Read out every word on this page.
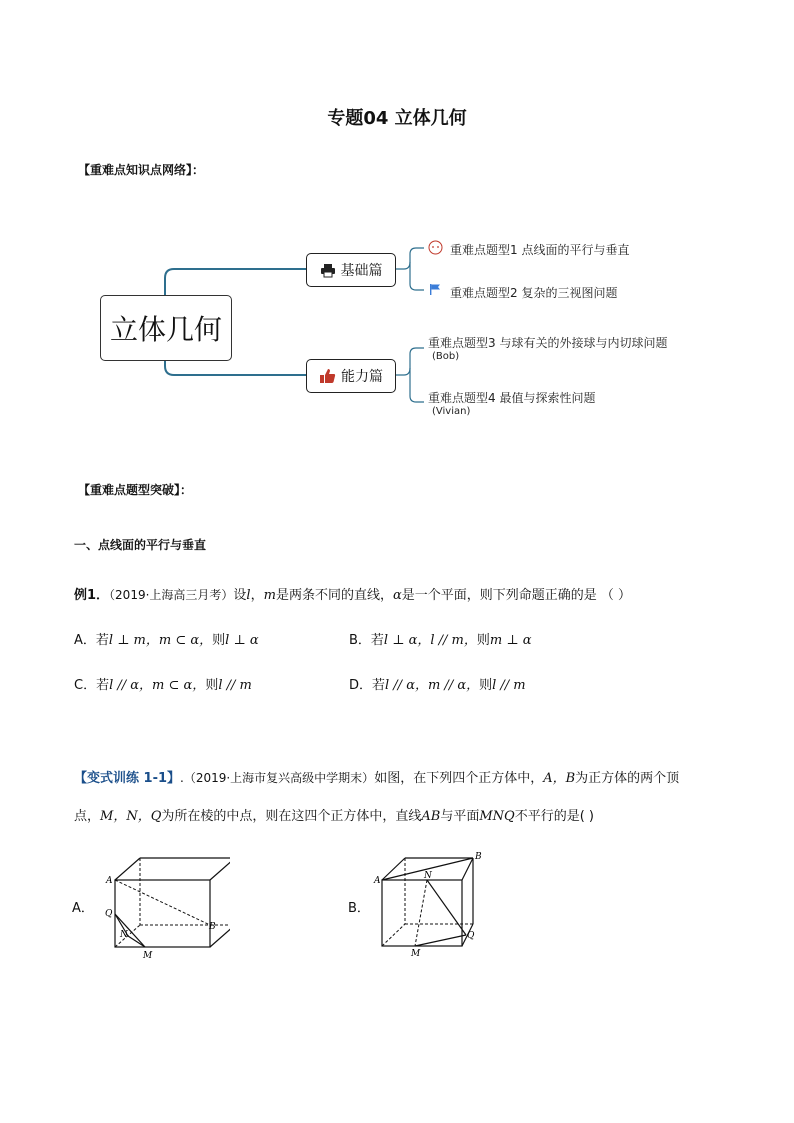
专题04 立体几何
【重难点知识点网络】：
立体几何
基础篇
能力篇
重难点题型1 点线面的平行与垂直
重难点题型2 复杂的三视图问题
重难点题型3 与球有关的外接球与内切球问题
(Bob)
重难点题型4 最值与探索性问题
(Vivian)
【重难点题型突破】：
一、点线面的平行与垂直
例1．（2019·上海高三月考）设l，m是两条不同的直线，α是一个平面，则下列命题正确的是 （ ）
A．若l ⊥ m，m ⊂ α，则l ⊥ α	B．若l ⊥ α，l // m，则m ⊥ α
C．若l // α，m ⊂ α，则l // m	D．若l // α，m // α，则l // m
【变式训练 1-1】.（2019·上海市复兴高级中学期末）如图，在下列四个正方体中，A，B为正方体的两个顶
点，M，N，Q为所在棱的中点，则在这四个正方体中，直线AB与平面MNQ不平行的是( )
A．	B．
A
B
Q
N
M
A
B
N
M
Q
